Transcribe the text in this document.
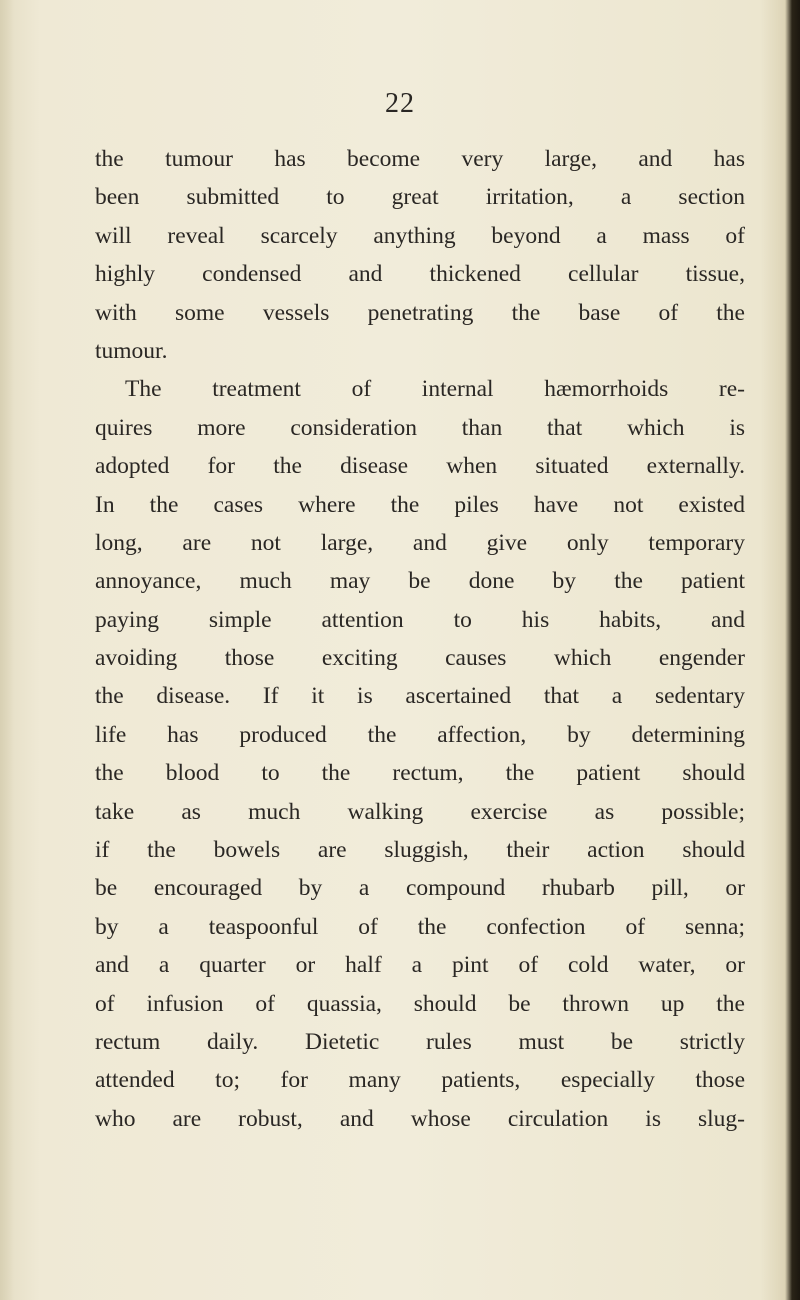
22
the tumour has become very large, and has
been submitted to great irritation, a section
will reveal scarcely anything beyond a mass of
highly condensed and thickened cellular tissue,
with some vessels penetrating the base of the
tumour.
The treatment of internal hæmorrhoids re-
quires more consideration than that which is
adopted for the disease when situated externally.
In the cases where the piles have not existed
long, are not large, and give only temporary
annoyance, much may be done by the patient
paying simple attention to his habits, and
avoiding those exciting causes which engender
the disease. If it is ascertained that a sedentary
life has produced the affection, by determining
the blood to the rectum, the patient should
take as much walking exercise as possible;
if the bowels are sluggish, their action should
be encouraged by a compound rhubarb pill, or
by a teaspoonful of the confection of senna;
and a quarter or half a pint of cold water, or
of infusion of quassia, should be thrown up the
rectum daily. Dietetic rules must be strictly
attended to; for many patients, especially those
who are robust, and whose circulation is slug-
